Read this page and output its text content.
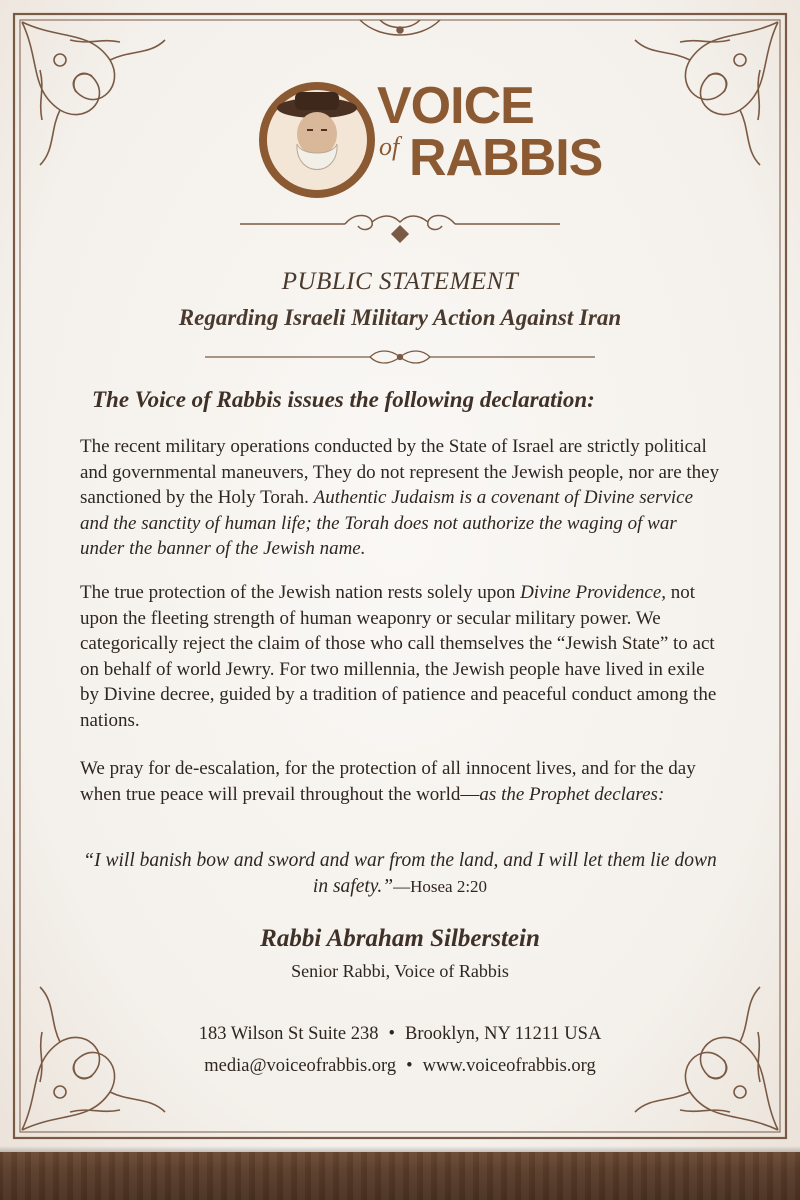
VOICE
of RABBIS
PUBLIC STATEMENT
Regarding Israeli Military Action Against Iran
The Voice of Rabbis issues the following declaration:
The recent military operations conducted by the State of Israel are strictly political and governmental maneuvers, They do not represent the Jewish people, nor are they sanctioned by the Holy Torah. Authentic Judaism is a covenant of Divine service and the sanctity of human life; the Torah does not authorize the waging of war under the banner of the Jewish name.
The true protection of the Jewish nation rests solely upon Divine Providence, not upon the fleeting strength of human weaponry or secular military power. We categorically reject the claim of those who call themselves the “Jewish State” to act on behalf of world Jewry. For two millennia, the Jewish people have lived in exile by Divine decree, guided by a tradition of patience and peaceful conduct among the nations.
We pray for de-escalation, for the protection of all innocent lives, and for the day when true peace will prevail throughout the world—as the Prophet declares:
“I will banish bow and sword and war from the land, and I will let them lie down in safety.”—Hosea 2:20
Rabbi Abraham Silberstein
Senior Rabbi, Voice of Rabbis
183 Wilson St Suite 238 • Brooklyn, NY 11211 USA
media@voiceofrabbis.org • www.voiceofrabbis.org
